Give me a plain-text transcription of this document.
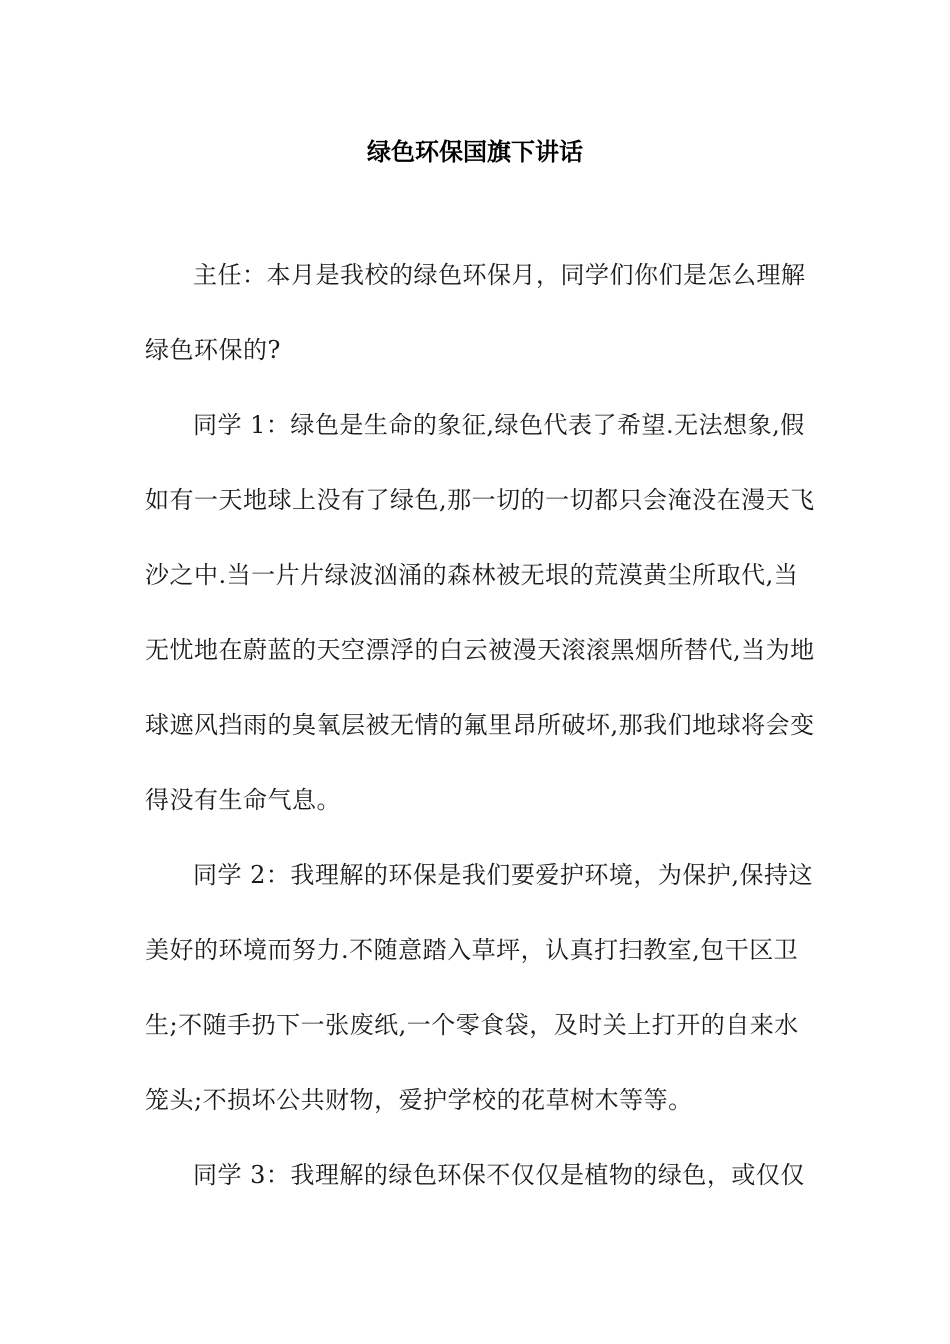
绿色环保国旗下讲话
主任：本月是我校的绿色环保月，同学们你们是怎么理解
绿色环保的?
同学 1：绿色是生命的象征,绿色代表了希望.无法想象,假
如有一天地球上没有了绿色,那一切的一切都只会淹没在漫天飞
沙之中.当一片片绿波汹涌的森林被无垠的荒漠黄尘所取代,当
无忧地在蔚蓝的天空漂浮的白云被漫天滚滚黑烟所替代,当为地
球遮风挡雨的臭氧层被无情的氟里昂所破坏,那我们地球将会变
得没有生命气息。
同学 2：我理解的环保是我们要爱护环境，为保护,保持这
美好的环境而努力.不随意踏入草坪，认真打扫教室,包干区卫
生;不随手扔下一张废纸,一个零食袋，及时关上打开的自来水
笼头;不损坏公共财物，爱护学校的花草树木等等。
同学 3：我理解的绿色环保不仅仅是植物的绿色，或仅仅
